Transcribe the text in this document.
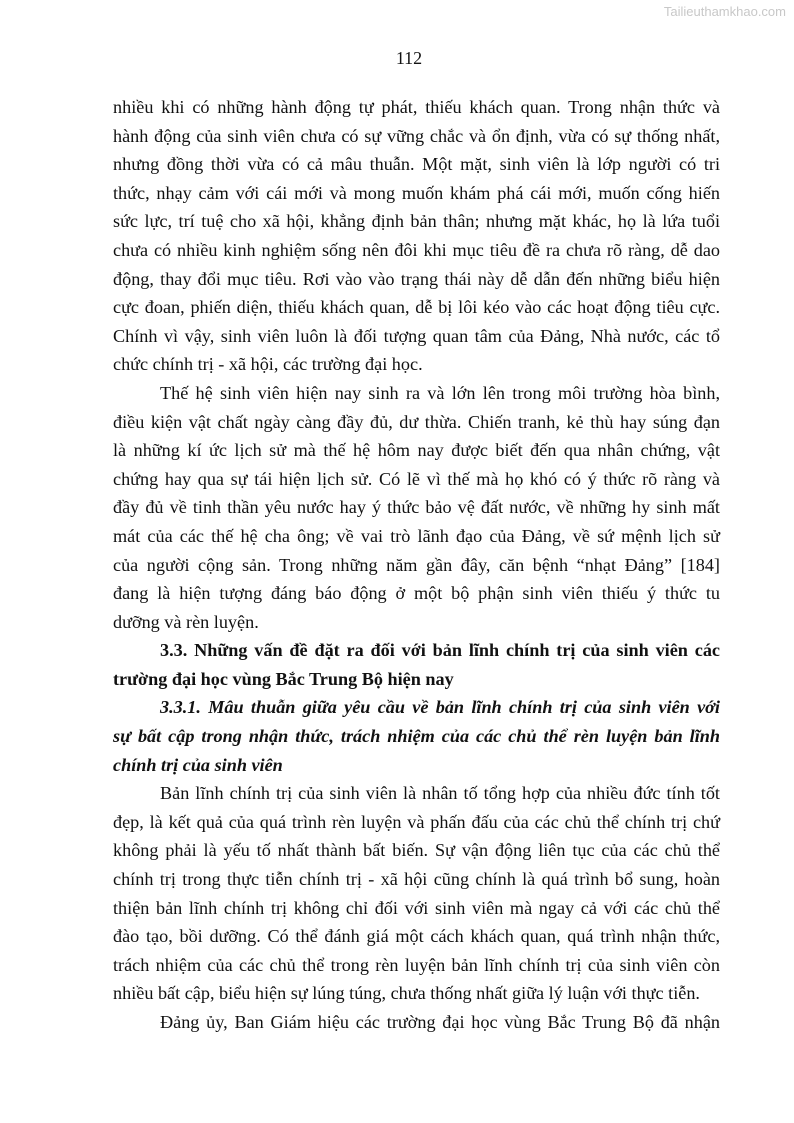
Tailieuthamkhao.com
112
nhiều khi có những hành động tự phát, thiếu khách quan. Trong nhận thức và
hành động của sinh viên chưa có sự vững chắc và ổn định, vừa có sự thống nhất,
nhưng đồng thời vừa có cả mâu thuẫn. Một mặt, sinh viên là lớp người có tri
thức, nhạy cảm với cái mới và mong muốn khám phá cái mới, muốn cống hiến
sức lực, trí tuệ cho xã hội, khẳng định bản thân; nhưng mặt khác, họ là lứa tuổi
chưa có nhiều kinh nghiệm sống nên đôi khi mục tiêu đề ra chưa rõ ràng, dễ dao
động, thay đổi mục tiêu. Rơi vào vào trạng thái này dễ dẫn đến những biểu hiện
cực đoan, phiến diện, thiếu khách quan, dễ bị lôi kéo vào các hoạt động tiêu cực.
Chính vì vậy, sinh viên luôn là đối tượng quan tâm của Đảng, Nhà nước, các tổ
chức chính trị - xã hội, các trường đại học.
Thế hệ sinh viên hiện nay sinh ra và lớn lên trong môi trường hòa bình,
điều kiện vật chất ngày càng đầy đủ, dư thừa. Chiến tranh, kẻ thù hay súng đạn
là những kí ức lịch sử mà thế hệ hôm nay được biết đến qua nhân chứng, vật
chứng hay qua sự tái hiện lịch sử. Có lẽ vì thế mà họ khó có ý thức rõ ràng và
đầy đủ về tinh thần yêu nước hay ý thức bảo vệ đất nước, về những hy sinh mất
mát của các thế hệ cha ông; về vai trò lãnh đạo của Đảng, về sứ mệnh lịch sử
của người cộng sản. Trong những năm gần đây, căn bệnh “nhạt Đảng” [184]
đang là hiện tượng đáng báo động ở một bộ phận sinh viên thiếu ý thức tu
dưỡng và rèn luyện.
3.3. Những vấn đề đặt ra đối với bản lĩnh chính trị của sinh viên các
trường đại học vùng Bắc Trung Bộ hiện nay
3.3.1. Mâu thuẫn giữa yêu cầu về bản lĩnh chính trị của sinh viên với
sự bất cập trong nhận thức, trách nhiệm của các chủ thể rèn luyện bản lĩnh
chính trị của sinh viên
Bản lĩnh chính trị của sinh viên là nhân tố tổng hợp của nhiều đức tính tốt
đẹp, là kết quả của quá trình rèn luyện và phấn đấu của các chủ thể chính trị chứ
không phải là yếu tố nhất thành bất biến. Sự vận động liên tục của các chủ thể
chính trị trong thực tiễn chính trị - xã hội cũng chính là quá trình bổ sung, hoàn
thiện bản lĩnh chính trị không chỉ đối với sinh viên mà ngay cả với các chủ thể
đào tạo, bồi dưỡng. Có thể đánh giá một cách khách quan, quá trình nhận thức,
trách nhiệm của các chủ thể trong rèn luyện bản lĩnh chính trị của sinh viên còn
nhiều bất cập, biểu hiện sự lúng túng, chưa thống nhất giữa lý luận với thực tiễn.
Đảng ủy, Ban Giám hiệu các trường đại học vùng Bắc Trung Bộ đã nhận
